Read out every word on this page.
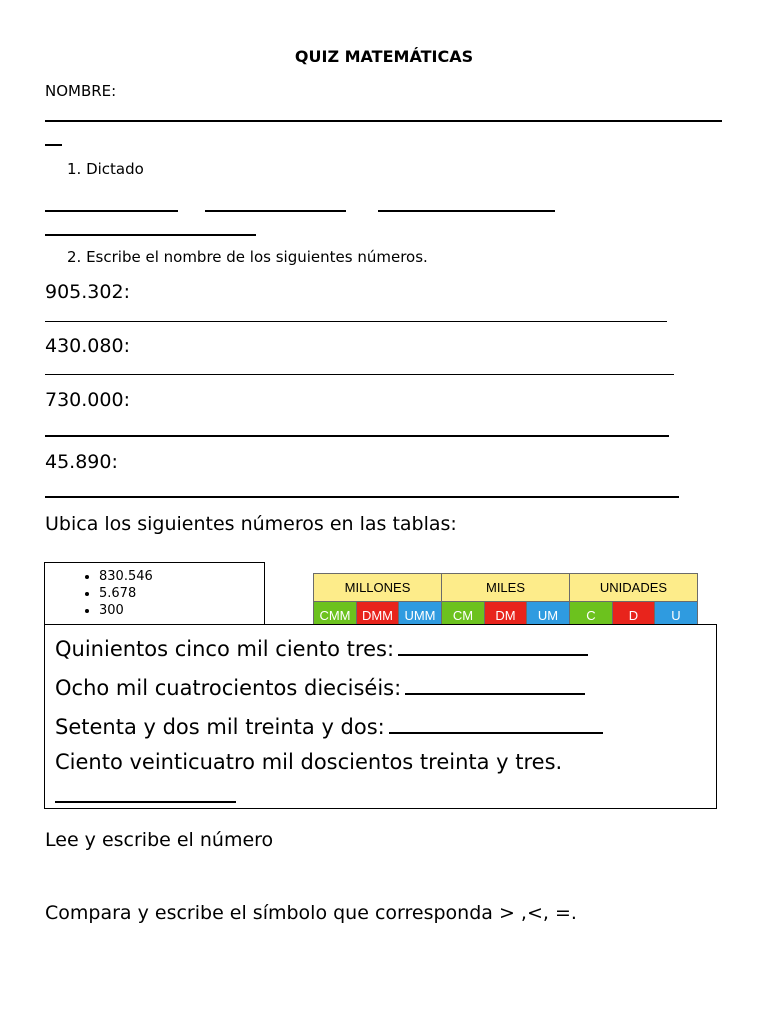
QUIZ MATEMÁTICAS
NOMBRE:
1. Dictado
2. Escribe el nombre de los siguientes números.
905.302:
430.080:
730.000:
45.890:
Ubica los siguientes números en las tablas:
• 830.546
• 5.678
• 300
MILLONES			MILES			UNIDADES		
CMM	DMM	UMM	CM	DM	UM	C	D	U
Quinientos cinco mil ciento tres:
Ocho mil cuatrocientos dieciséis:
Setenta y dos mil treinta y dos:
Ciento veinticuatro mil doscientos treinta y tres.
Lee y escribe el número
Compara y escribe el símbolo que corresponda > ,<, =.
